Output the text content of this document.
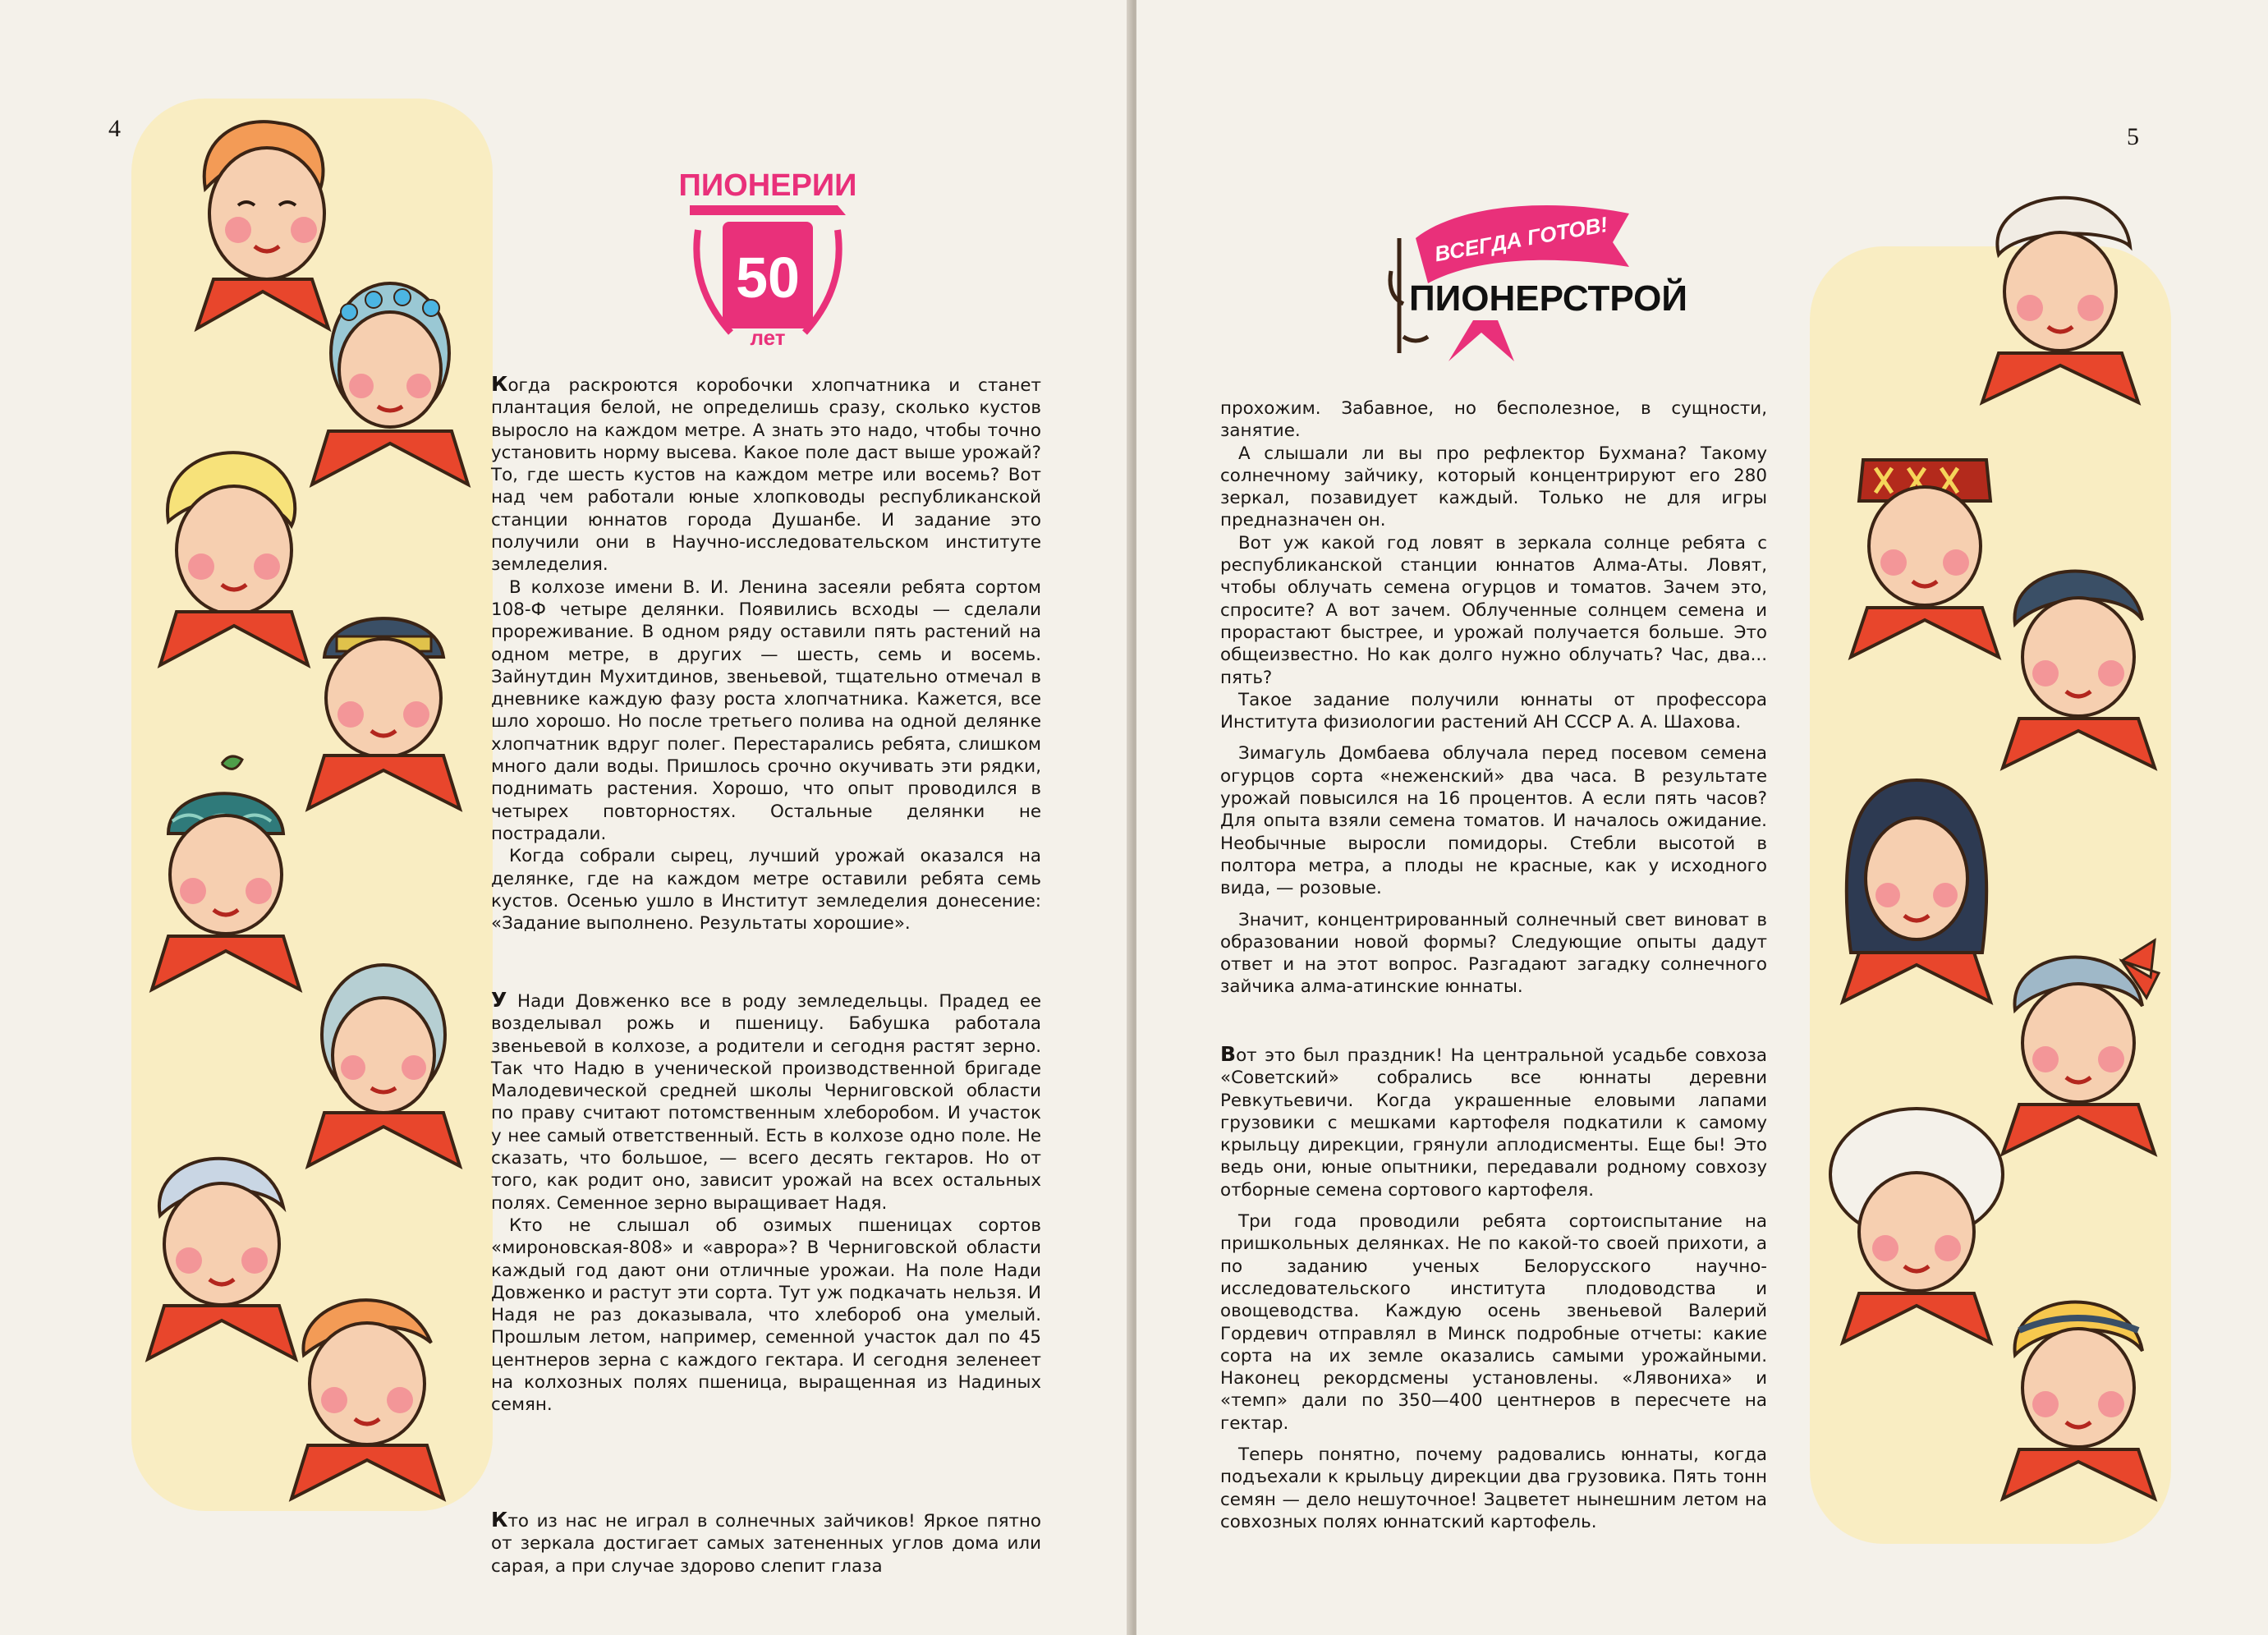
4
ПИОНЕРИИ
50
лет

Когда раскроются коробочки хлопчатника и станет плантация белой, не определишь сразу, сколько кустов выросло на каждом метре. А знать это надо, чтобы точно установить норму высева. Какое поле даст выше урожай? То, где шесть кустов на каждом метре или восемь? Вот над чем работали юные хлопководы республиканской станции юннатов города Душанбе. И задание это получили они в Научно-исследовательском институте земледелия.

В колхозе имени В. И. Ленина засеяли ребята сортом 108-Ф четыре делянки. Появились всходы — сделали прореживание. В одном ряду оставили пять растений на одном метре, в других — шесть, семь и восемь. Зайнутдин Мухитдинов, звеньевой, тщательно отмечал в дневнике каждую фазу роста хлопчатника. Кажется, все шло хорошо. Но после третьего полива на одной делянке хлопчатник вдруг полег. Перестарались ребята, слишком много дали воды. Пришлось срочно окучивать эти рядки, поднимать растения. Хорошо, что опыт проводился в четырех повторностях. Остальные делянки не пострадали.

Когда собрали сырец, лучший урожай оказался на делянке, где на каждом метре оставили ребята семь кустов. Осенью ушло в Институт земледелия донесение: «Задание выполнено. Результаты хорошие».

У Нади Довженко все в роду земледельцы. Прадед ее возделывал рожь и пшеницу. Бабушка работала звеньевой в колхозе, а родители и сегодня растят зерно. Так что Надю в ученической производственной бригаде Малодевической средней школы Черниговской области по праву считают потомственным хлеборобом. И участок у нее самый ответственный. Есть в колхозе одно поле. Не сказать, что большое, — всего десять гектаров. Но от того, как родит оно, зависит урожай на всех остальных полях. Семенное зерно выращивает Надя.

Кто не слышал об озимых пшеницах сортов «мироновская-808» и «аврора»? В Черниговской области каждый год дают они отличные урожаи. На поле Нади Довженко и растут эти сорта. Тут уж подкачать нельзя. И Надя не раз доказывала, что хлебороб она умелый. Прошлым летом, например, семенной участок дал по 45 центнеров зерна с каждого гектара. И сегодня зеленеет на колхозных полях пшеница, выращенная из Надиных семян.

Кто из нас не играл в солнечных зайчиков! Яркое пятно от зеркала достигает самых затененных углов дома или сарая, а при случае здорово слепит глаза

5
ВСЕГДА ГОТОВ!
ПИОНЕРСТРОЙ

прохожим. Забавное, но бесполезное, в сущности, занятие.

А слышали ли вы про рефлектор Бухмана? Такому солнечному зайчику, который концентрируют его 280 зеркал, позавидует каждый. Только не для игры предназначен он.

Вот уж какой год ловят в зеркала солнце ребята с республиканской станции юннатов Алма-Аты. Ловят, чтобы облучать семена огурцов и томатов. Зачем это, спросите? А вот зачем. Облученные солнцем семена и прорастают быстрее, и урожай получается больше. Это общеизвестно. Но как долго нужно облучать? Час, два... пять?

Такое задание получили юннаты от профессора Института физиологии растений АН СССР А. А. Шахова.

Зимагуль Домбаева облучала перед посевом семена огурцов сорта «неженский» два часа. В результате урожай повысился на 16 процентов. А если пять часов? Для опыта взяли семена томатов. И началось ожидание. Необычные выросли помидоры. Стебли высотой в полтора метра, а плоды не красные, как у исходного вида, — розовые.

Значит, концентрированный солнечный свет виноват в образовании новой формы? Следующие опыты дадут ответ и на этот вопрос. Разгадают загадку солнечного зайчика алма-атинские юннаты.

Вот это был праздник! На центральной усадьбе совхоза «Советский» собрались все юннаты деревни Ревкутьевичи. Когда украшенные еловыми лапами грузовики с мешками картофеля подкатили к самому крыльцу дирекции, грянули аплодисменты. Еще бы! Это ведь они, юные опытники, передавали родному совхозу отборные семена сортового картофеля.

Три года проводили ребята сортоиспытание на пришкольных делянках. Не по какой-то своей прихоти, а по заданию ученых Белорусского научно-исследовательского института плодоводства и овощеводства. Каждую осень звеньевой Валерий Гордевич отправлял в Минск подробные отчеты: какие сорта на их земле оказались самыми урожайными. Наконец рекордсмены установлены. «Лявониха» и «темп» дали по 350—400 центнеров в пересчете на гектар.

Теперь понятно, почему радовались юннаты, когда подъехали к крыльцу дирекции два грузовика. Пять тонн семян — дело нешуточное! Зацветет нынешним летом на совхозных полях юннатский картофель.
